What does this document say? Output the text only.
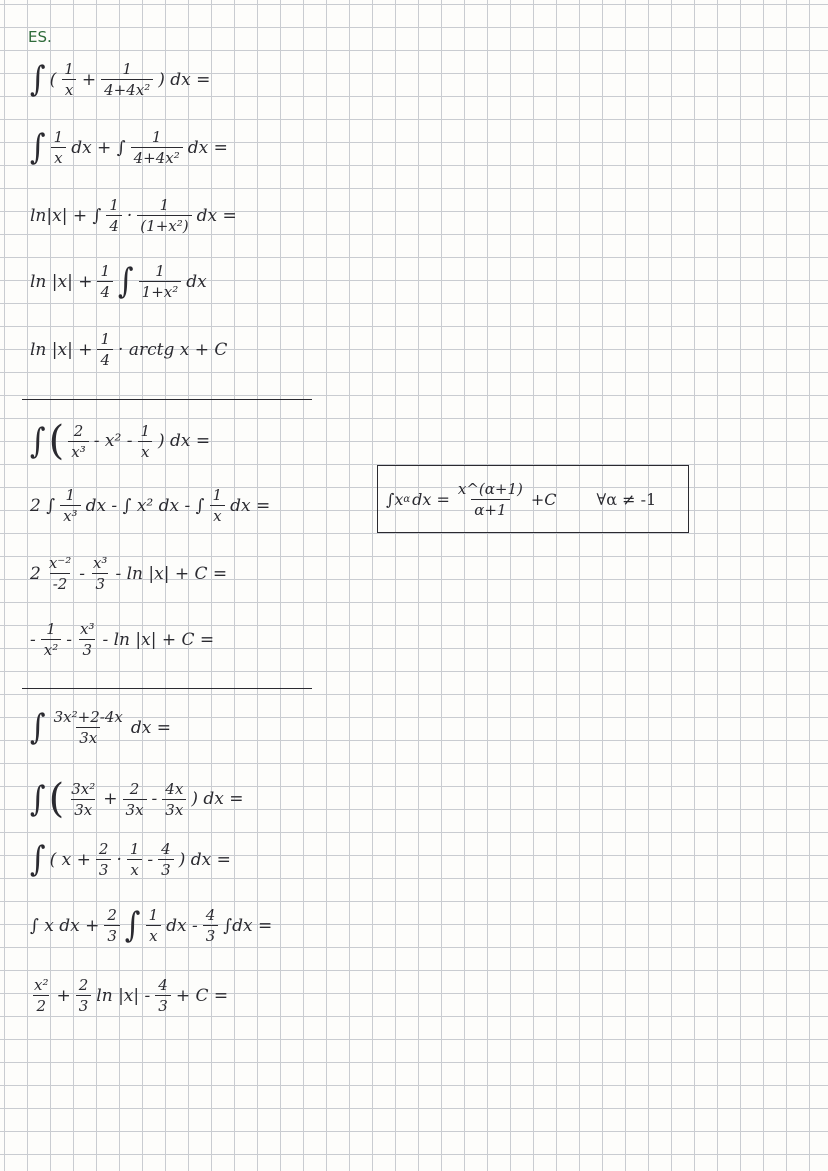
ES.
∫ ( $\frac{1}{x} + \frac{1}{\text{4+4x²}}$ ) dx =
∫ $\frac{1}{x}$ dx + ∫ $\frac{1}{\text{4+4x²}}$ dx =
ln|x| + ∫ $\frac{1}{4} \cdot \frac{1}{\text{(1+x²)}}$ dx =
$\ln |x| + \frac{1}{4}$ ∫ $\frac{1}{\text{1+x²}}$ dx
$\ln |x| + \frac{1}{4}$ · arctg x + C
∫ ( $\frac{2}{\text{x³}} - x^2 - \frac{1}{x}$ ) dx =
2 ∫ $\frac{1}{\text{x³}}$ dx - ∫ x² dx - ∫ $\frac{1}{x}$ dx =
$2 \frac{\text{x⁻²}}{-2} - \frac{\text{x³}}{3} - \ln |x| + C$ =
- $\frac{1}{\text{x²}} - \frac{\text{x³}}{3} - \ln |x| + C$ =
∫x α dx = $\frac{x\^{}(\alpha+1)}{\alpha+1} +C$	∀α ≠ -1
∫ $\frac{\text{3x²+2-4x}}{3x}$ dx =
∫ ( $\frac{\text{3x²}}{3x} + \frac{2}{3x} - \frac{4x}{3x}$ ) dx =
∫ ( $x + \frac{2}{3} \cdot \frac{1}{x} - \frac{4}{3}$ ) dx =
∫ x dx + $\frac{2}{3}$ ∫ $\frac{1}{x}$ dx - $\frac{4}{3} \int dx$ =
$\frac{\text{x²}}{2} + \frac{2}{3}$ $\ln |x| - \frac{4}{3} + C$ =
